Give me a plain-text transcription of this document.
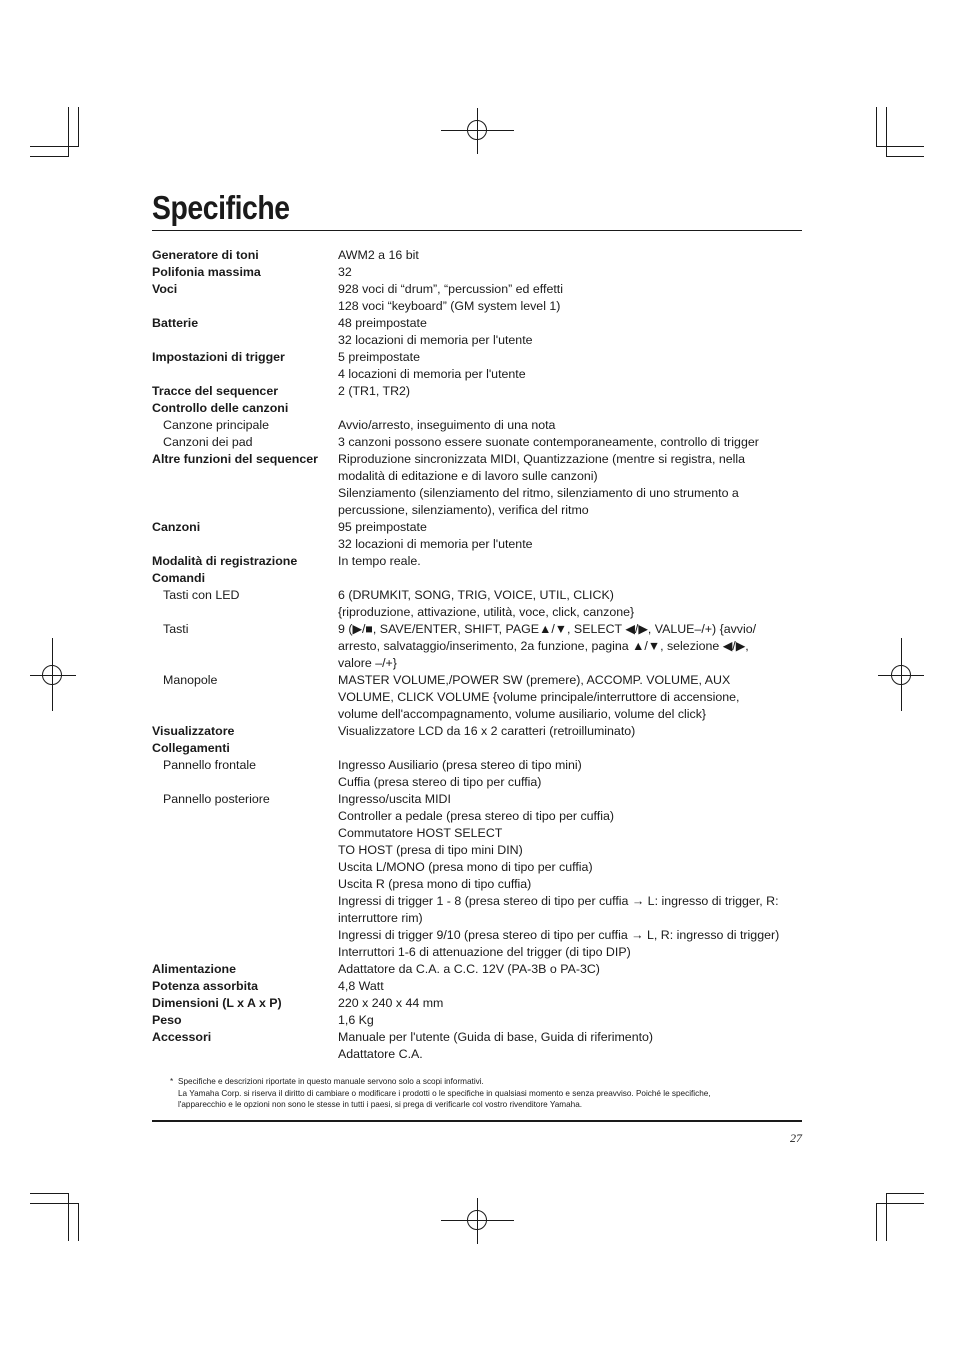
Specifiche
Generatore di toni	AWM2 a 16 bit
Polifonia massima	32
Voci	928 voci di “drum”, “percussion” ed effetti
128 voci “keyboard” (GM system level 1)
Batterie	48 preimpostate
32 locazioni di memoria per l'utente
Impostazioni di trigger	5 preimpostate
4 locazioni di memoria per l'utente
Tracce del sequencer	2 (TR1, TR2)
Controllo delle canzoni

Canzone principale	Avvio/arresto, inseguimento di una nota
Canzoni dei pad	3 canzoni possono essere suonate contemporaneamente, controllo di trigger
Altre funzioni del sequencer	Riproduzione sincronizzata MIDI, Quantizzazione (mentre si registra, nella
modalità di editazione e di lavoro sulle canzoni)
Silenziamento (silenziamento del ritmo, silenziamento di uno strumento a
percussione, silenziamento), verifica del ritmo
Canzoni	95 preimpostate
32 locazioni di memoria per l'utente
Modalità di registrazione	In tempo reale.
Comandi

Tasti con LED	6 (DRUMKIT, SONG, TRIG, VOICE, UTIL, CLICK)
{riproduzione, attivazione, utilità, voce, click, canzone}
Tasti	9 (▶/■, SAVE/ENTER, SHIFT, PAGE▲/▼, SELECT ◀/▶, VALUE–/+) {avvio/
arresto, salvataggio/inserimento, 2a funzione, pagina ▲/▼, selezione ◀/▶,
valore –/+}
Manopole	MASTER VOLUME,/POWER SW (premere), ACCOMP. VOLUME, AUX
VOLUME, CLICK VOLUME {volume principale/interruttore di accensione,
volume dell'accompagnamento, volume ausiliario, volume del click}
Visualizzatore	Visualizzatore LCD da 16 x 2 caratteri (retroilluminato)
Collegamenti

Pannello frontale	Ingresso Ausiliario (presa stereo di tipo mini)
Cuffia (presa stereo di tipo per cuffia)
Pannello posteriore	Ingresso/uscita MIDI
Controller a pedale (presa stereo di tipo per cuffia)
Commutatore HOST SELECT
TO HOST (presa di tipo mini DIN)
Uscita L/MONO (presa mono di tipo per cuffia)
Uscita R (presa mono di tipo cuffia)
Ingressi di trigger 1 - 8 (presa stereo di tipo per cuffia → L: ingresso di trigger, R:
interruttore rim)
Ingressi di trigger 9/10 (presa stereo di tipo per cuffia → L, R: ingresso di trigger)
Interruttori 1-6 di attenuazione del trigger (di tipo DIP)
Alimentazione	Adattatore da C.A. a C.C. 12V (PA-3B o PA-3C)
Potenza assorbita	4,8 Watt
Dimensioni (L x A x P)	220 x 240 x 44 mm
Peso	1,6 Kg
Accessori	Manuale per l'utente (Guida di base, Guida di riferimento)
Adattatore C.A.
* Specifiche e descrizioni riportate in questo manuale servono solo a scopi informativi.
La Yamaha Corp. si riserva il diritto di cambiare o modificare i prodotti o le specifiche in qualsiasi momento e senza preavviso. Poiché le specifiche,
l'apparecchio e le opzioni non sono le stesse in tutti i paesi, si prega di verificarle col vostro rivenditore Yamaha.
27
